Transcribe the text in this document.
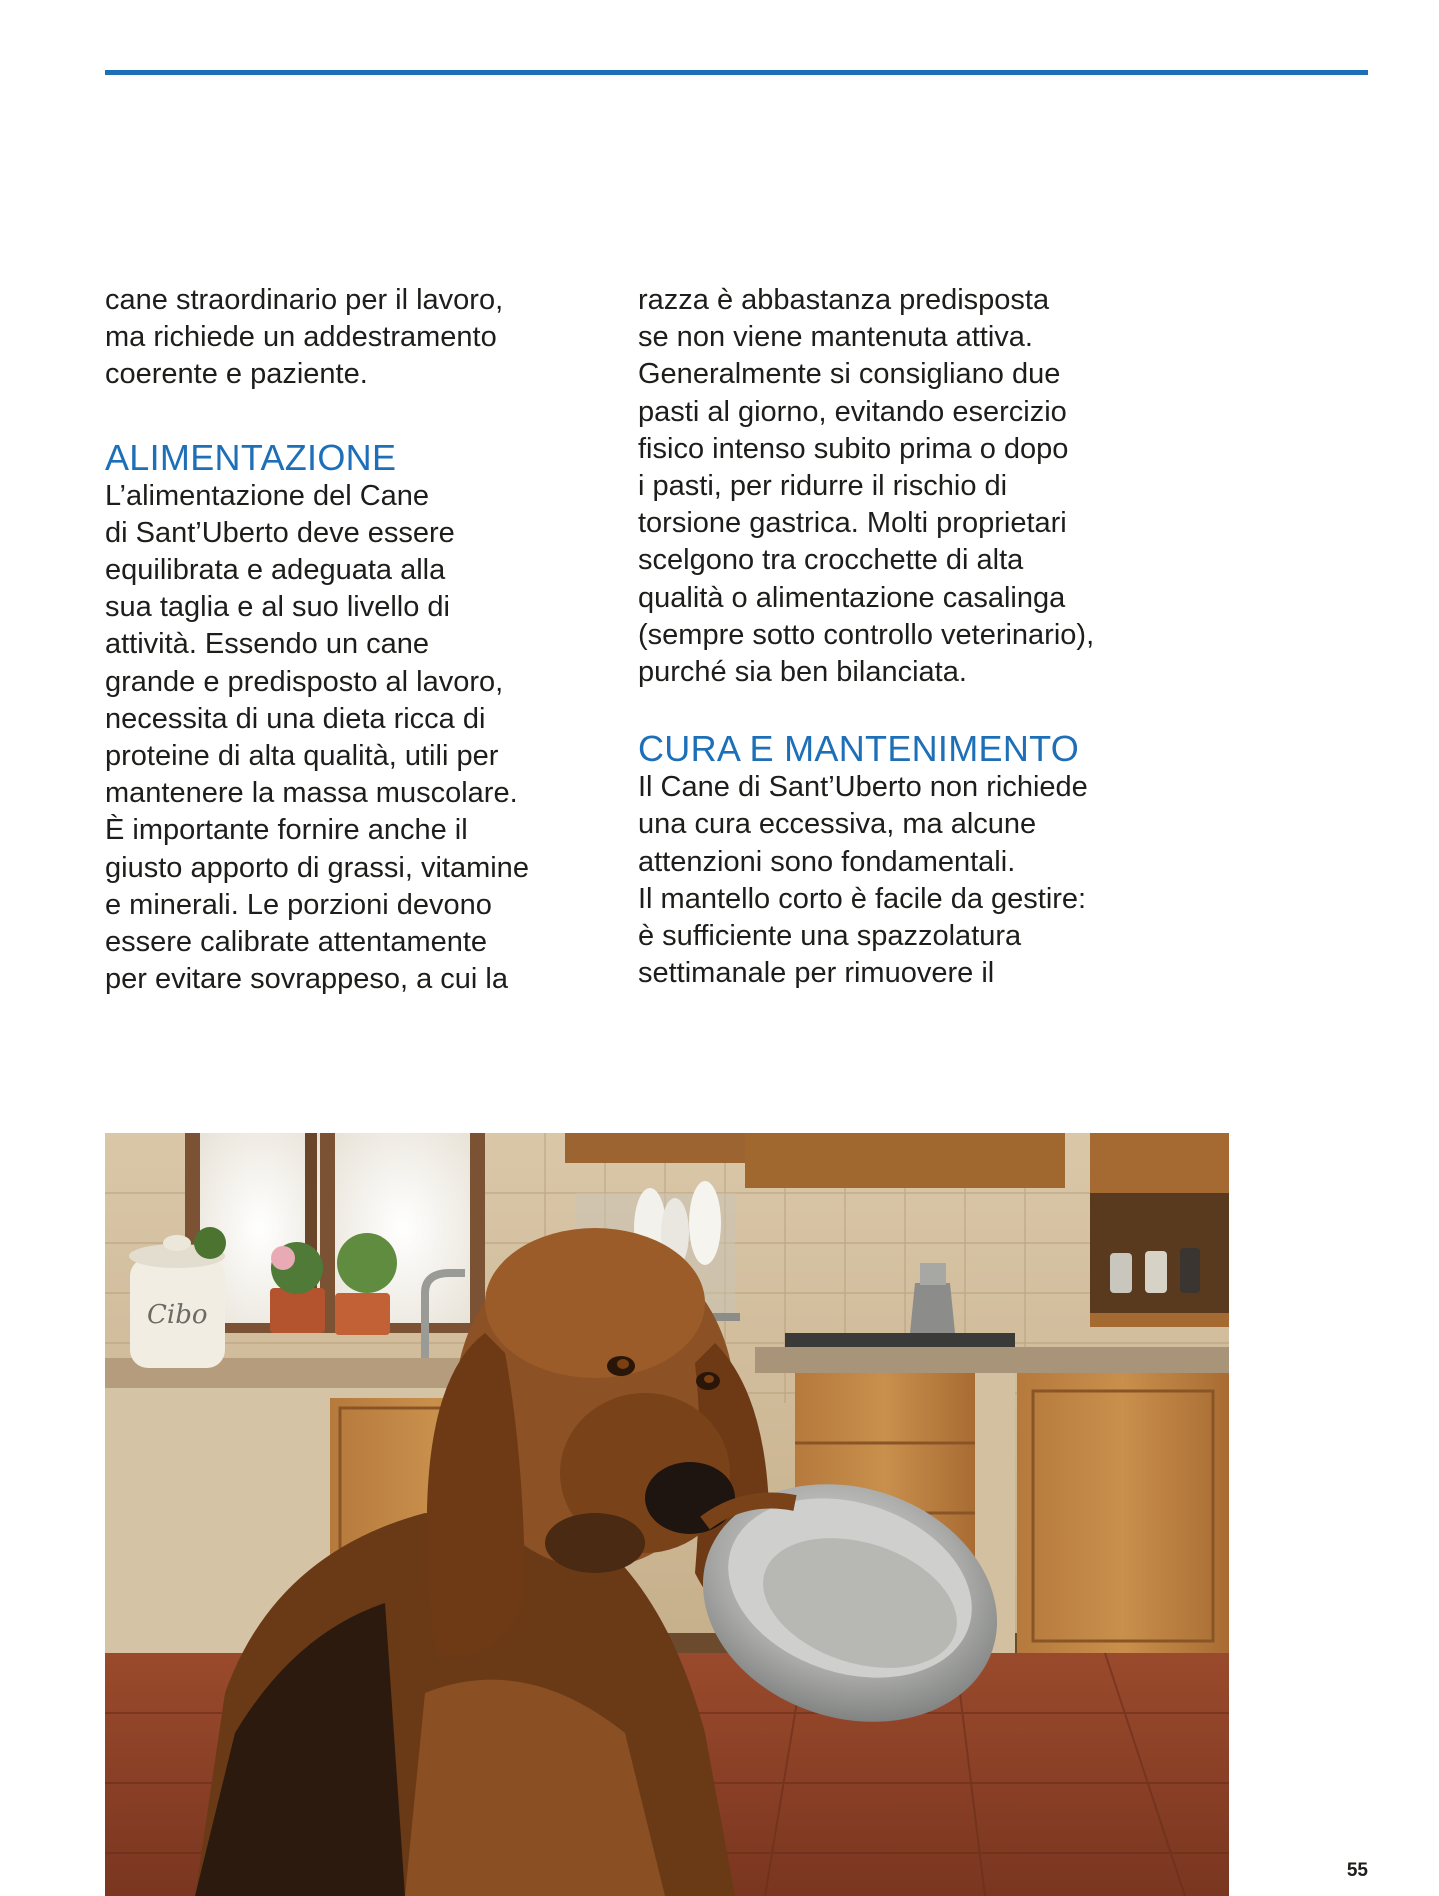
cane straordinario per il lavoro,

ma richiede un addestramento

coerente e paziente.

ALIMENTAZIONE

L’alimentazione del Cane

di Sant’Uberto deve essere

equilibrata e adeguata alla

sua taglia e al suo livello di

attività. Essendo un cane

grande e predisposto al lavoro,

necessita di una dieta ricca di

proteine di alta qualità, utili per

mantenere la massa muscolare.

È importante fornire anche il

giusto apporto di grassi, vitamine

e minerali. Le porzioni devono

essere calibrate attentamente

per evitare sovrappeso, a cui la

razza è abbastanza predisposta

se non viene mantenuta attiva.

Generalmente si consigliano due

pasti al giorno, evitando esercizio

fisico intenso subito prima o dopo

i pasti, per ridurre il rischio di

torsione gastrica. Molti proprietari

scelgono tra crocchette di alta

qualità o alimentazione casalinga

(sempre sotto controllo veterinario),

purché sia ben bilanciata.

CURA E MANTENIMENTO

Il Cane di Sant’Uberto non richiede

una cura eccessiva, ma alcune

attenzioni sono fondamentali.

Il mantello corto è facile da gestire:

è sufficiente una spazzolatura

settimanale per rimuovere il

Cibo
55
